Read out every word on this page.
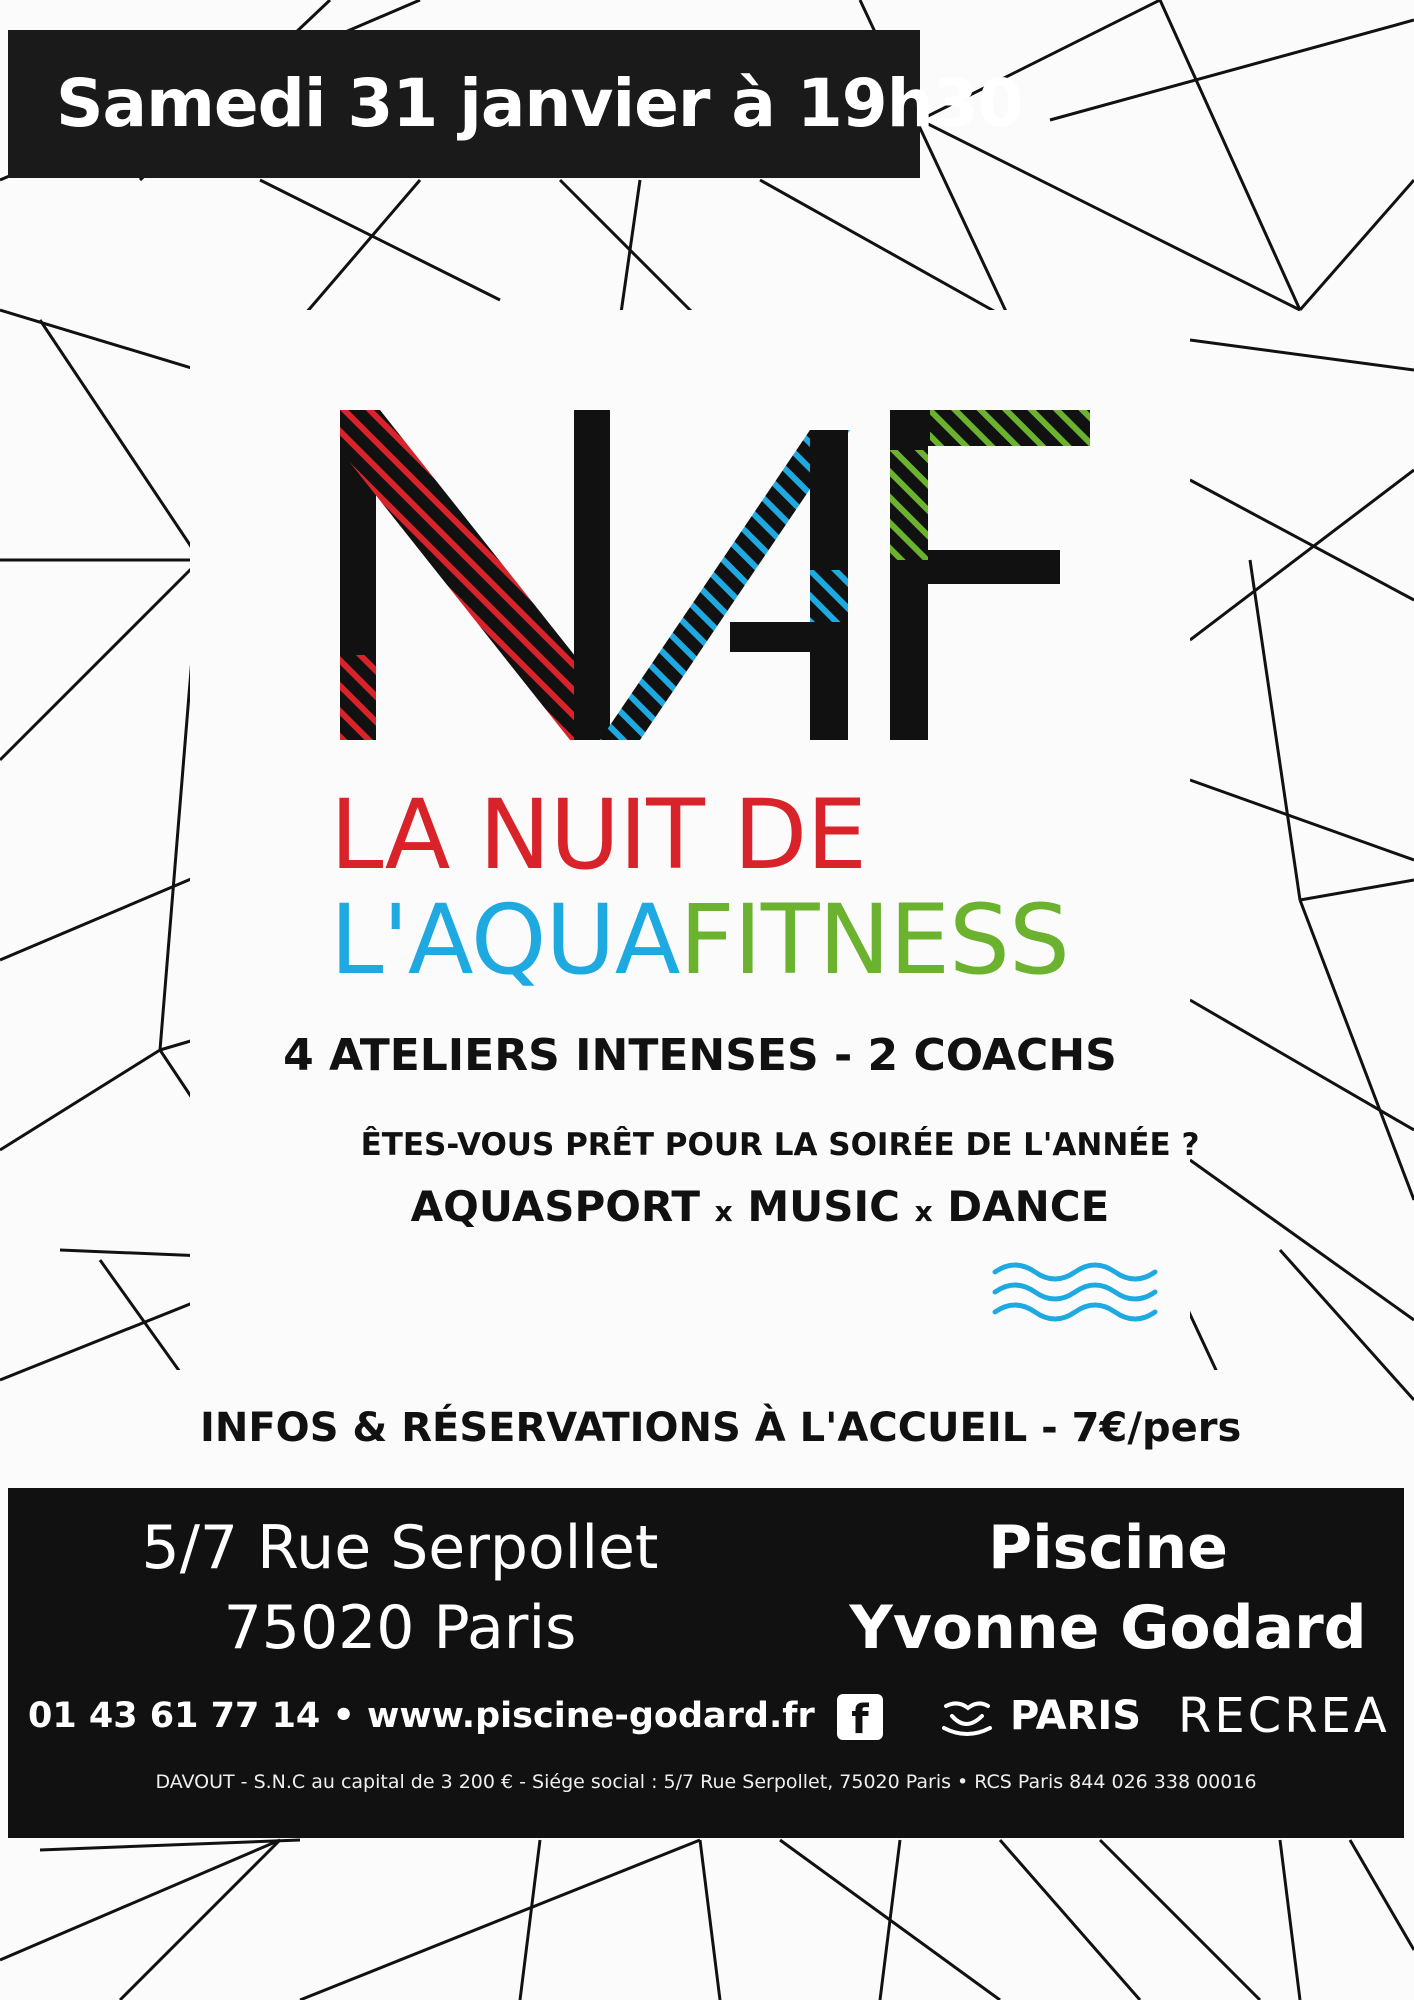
Samedi 31 janvier à 19h30
LA NUIT DE
L'AQUAFITNESS
4 ATELIERS INTENSES - 2 COACHS
ÊTES-VOUS PRÊT POUR LA SOIRÉE DE L'ANNÉE ?
AQUASPORT x MUSIC x DANCE
INFOS & RÉSERVATIONS À L'ACCUEIL - 7€/pers
5/7 Rue Serpollet
75020 Paris
Piscine
Yvonne Godard
01 43 61 77 14 • www.piscine-godard.fr f	PARIS RECREA
DAVOUT - S.N.C au capital de 3 200 € - Siége social : 5/7 Rue Serpollet, 75020 Paris • RCS Paris 844 026 338 00016
